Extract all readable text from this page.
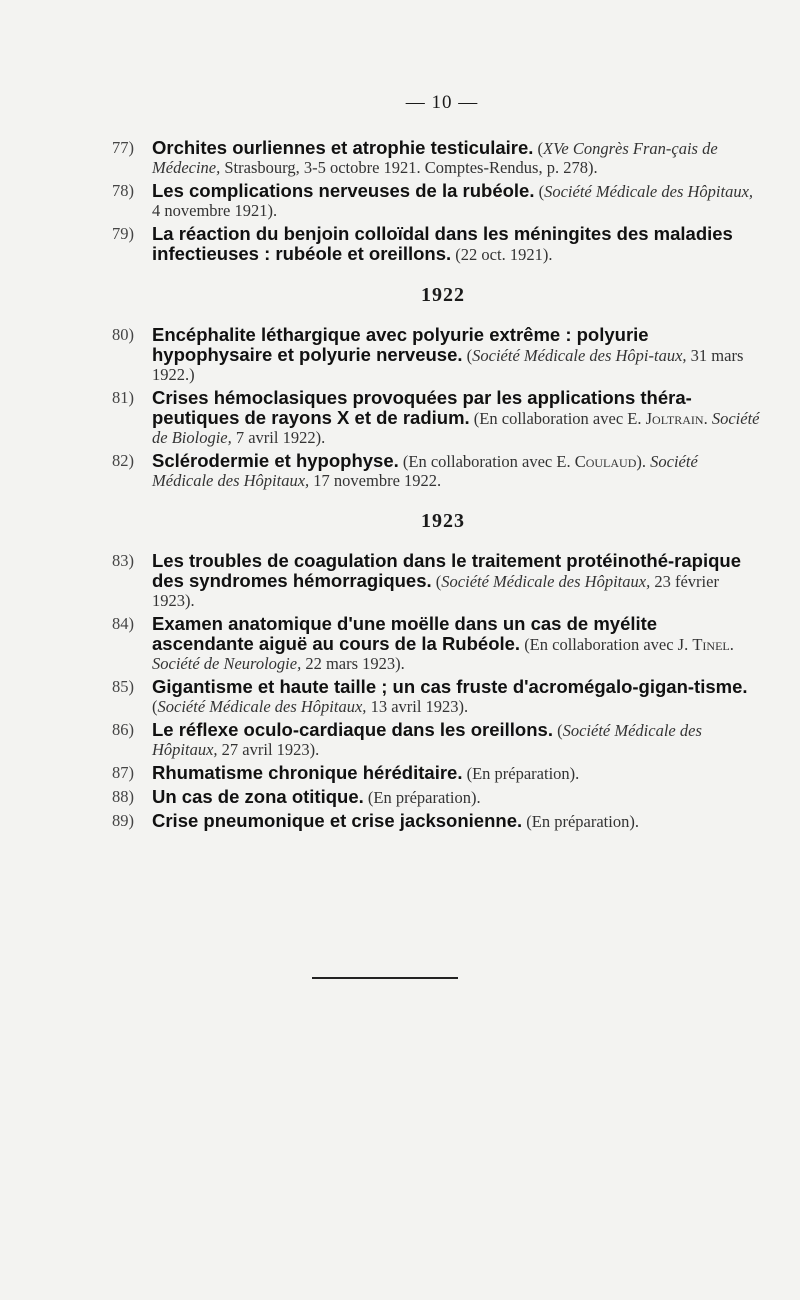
— 10 —
77) Orchites ourliennes et atrophie testiculaire. (XVe Congrès Fran-çais de Médecine, Strasbourg, 3-5 octobre 1921. Comptes-Rendus, p. 278).
78) Les complications nerveuses de la rubéole. (Société Médicale des Hôpitaux, 4 novembre 1921).
79) La réaction du benjoin colloïdal dans les méningites des maladies infectieuses : rubéole et oreillons. (22 oct. 1921).
1922
80) Encéphalite léthargique avec polyurie extrême : polyurie hypophysaire et polyurie nerveuse. (Société Médicale des Hôpi-taux, 31 mars 1922.)
81) Crises hémoclasiques provoquées par les applications théra-peutiques de rayons X et de radium. (En collaboration avec E. Joltrain. Société de Biologie, 7 avril 1922).
82) Sclérodermie et hypophyse. (En collaboration avec E. Coulaud). Société Médicale des Hôpitaux, 17 novembre 1922.
1923
83) Les troubles de coagulation dans le traitement protéinothé-rapique des syndromes hémorragiques. (Société Médicale des Hôpitaux, 23 février 1923).
84) Examen anatomique d'une moëlle dans un cas de myélite ascendante aiguë au cours de la Rubéole. (En collaboration avec J. Tinel. Société de Neurologie, 22 mars 1923).
85) Gigantisme et haute taille ; un cas fruste d'acromégalo-gigan-tisme. (Société Médicale des Hôpitaux, 13 avril 1923).
86) Le réflexe oculo-cardiaque dans les oreillons. (Société Médicale des Hôpitaux, 27 avril 1923).
87) Rhumatisme chronique héréditaire. (En préparation).
88) Un cas de zona otitique. (En préparation).
89) Crise pneumonique et crise jacksonienne. (En préparation).
